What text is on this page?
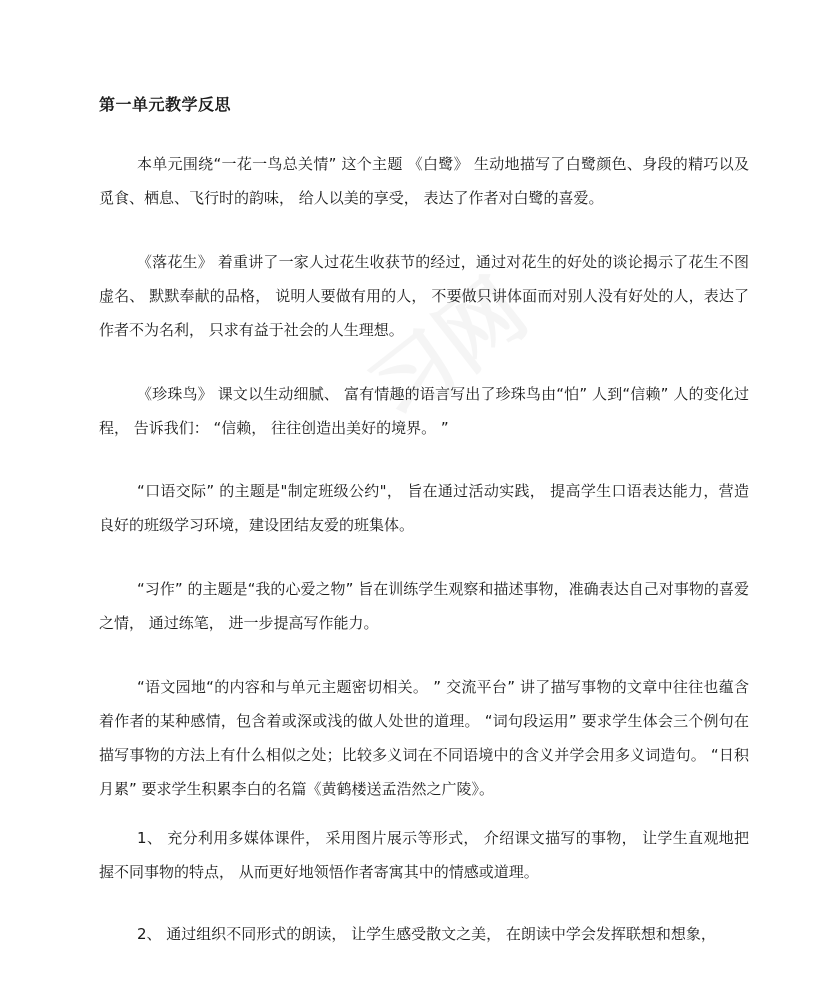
第一单元教学反思

本单元围绕“一花一鸟总关情” 这个主题 《白鹭》 生动地描写了白鹭颜色、身段的精巧以及觅食、栖息、飞行时的韵味， 给人以美的享受， 表达了作者对白鹭的喜爱。

《落花生》 着重讲了一家人过花生收获节的经过，通过对花生的好处的谈论揭示了花生不图虚名、 默默奉献的品格， 说明人要做有用的人， 不要做只讲体面而对别人没有好处的人，表达了作者不为名利， 只求有益于社会的人生理想。

《珍珠鸟》 课文以生动细腻、 富有情趣的语言写出了珍珠鸟由“怕” 人到“信赖” 人的变化过程， 告诉我们： “信赖， 往往创造出美好的境界。 ”

“口语交际” 的主题是"制定班级公约"， 旨在通过活动实践， 提高学生口语表达能力，营造良好的班级学习环境，建设团结友爱的班集体。

“习作” 的主题是“我的心爱之物” 旨在训练学生观察和描述事物，准确表达自己对事物的喜爱之情， 通过练笔， 进一步提高写作能力。

“语文园地“的内容和与单元主题密切相关。 ” 交流平台” 讲了描写事物的文章中往往也蕴含着作者的某种感情，包含着或深或浅的做人处世的道理。 “词句段运用” 要求学生体会三个例句在描写事物的方法上有什么相似之处；比较多义词在不同语境中的含义并学会用多义词造句。 “日积月累” 要求学生积累李白的名篇《黄鹤楼送孟浩然之广陵》。

1、 充分利用多媒体课件， 采用图片展示等形式， 介绍课文描写的事物， 让学生直观地把握不同事物的特点， 从而更好地领悟作者寄寓其中的情感或道理。

2、 通过组织不同形式的朗读， 让学生感受散文之美， 在朗读中学会发挥联想和想象，
